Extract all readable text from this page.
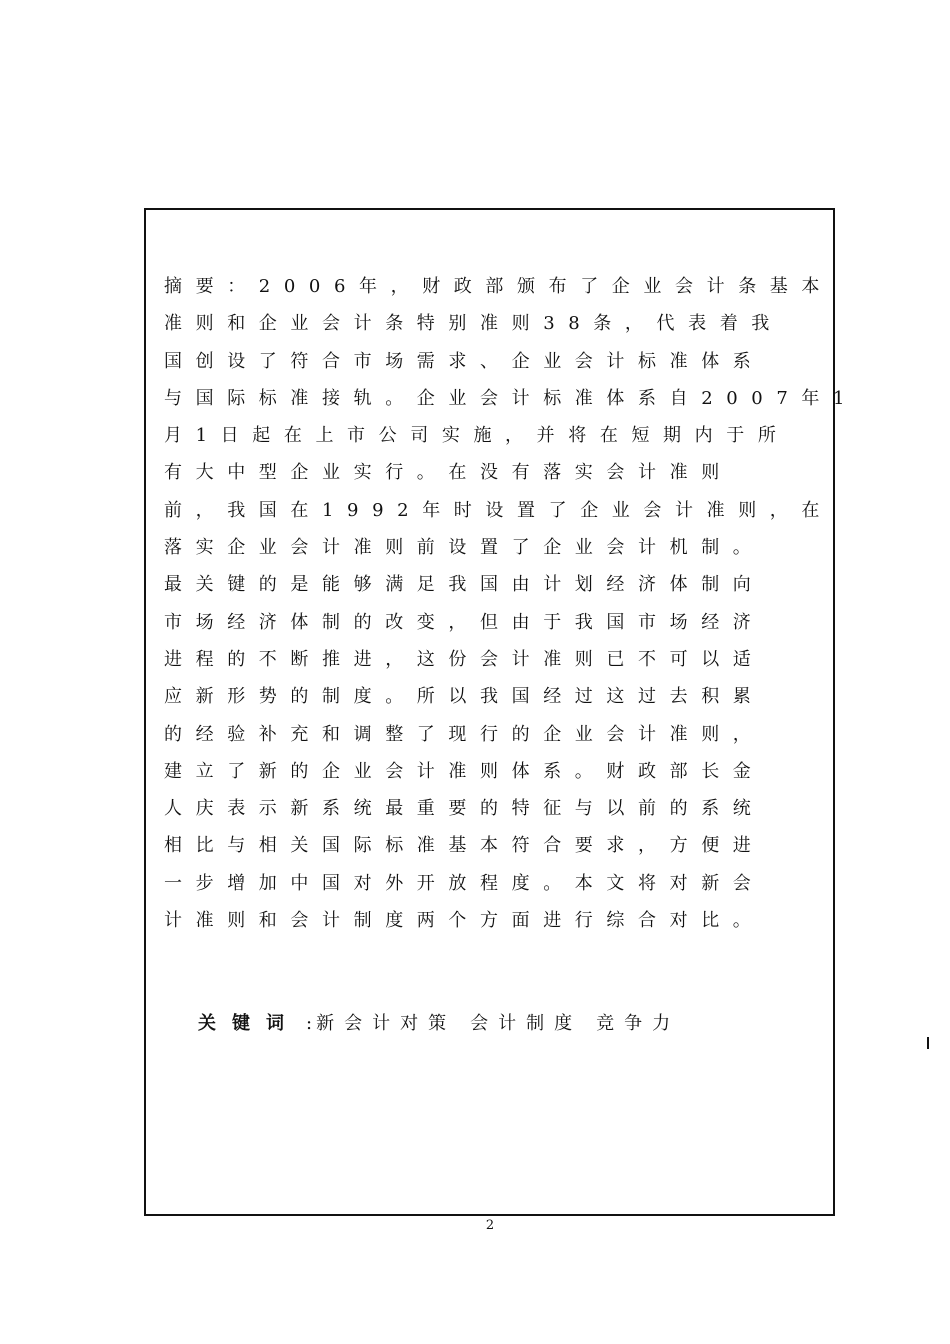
摘要：2006年，财政部颁布了企业会计条基本
准则和企业会计条特别准则38条，代表着我
国创设了符合市场需求、企业会计标准体系
与国际标准接轨。企业会计标准体系自2007年1
月1日起在上市公司实施，并将在短期内于所
有大中型企业实行。在没有落实会计准则
前，我国在1992年时设置了企业会计准则，在
落实企业会计准则前设置了企业会计机制。
最关键的是能够满足我国由计划经济体制向
市场经济体制的改变，但由于我国市场经济
进程的不断推进，这份会计准则已不可以适
应新形势的制度。所以我国经过这过去积累
的经验补充和调整了现行的企业会计准则，
建立了新的企业会计准则体系。财政部长金
人庆表示新系统最重要的特征与以前的系统
相比与相关国际标准基本符合要求，方便进
一步增加中国对外开放程度。本文将对新会
计准则和会计制度两个方面进行综合对比。
关键词 :新会计对策 会计制度 竞争力
2
